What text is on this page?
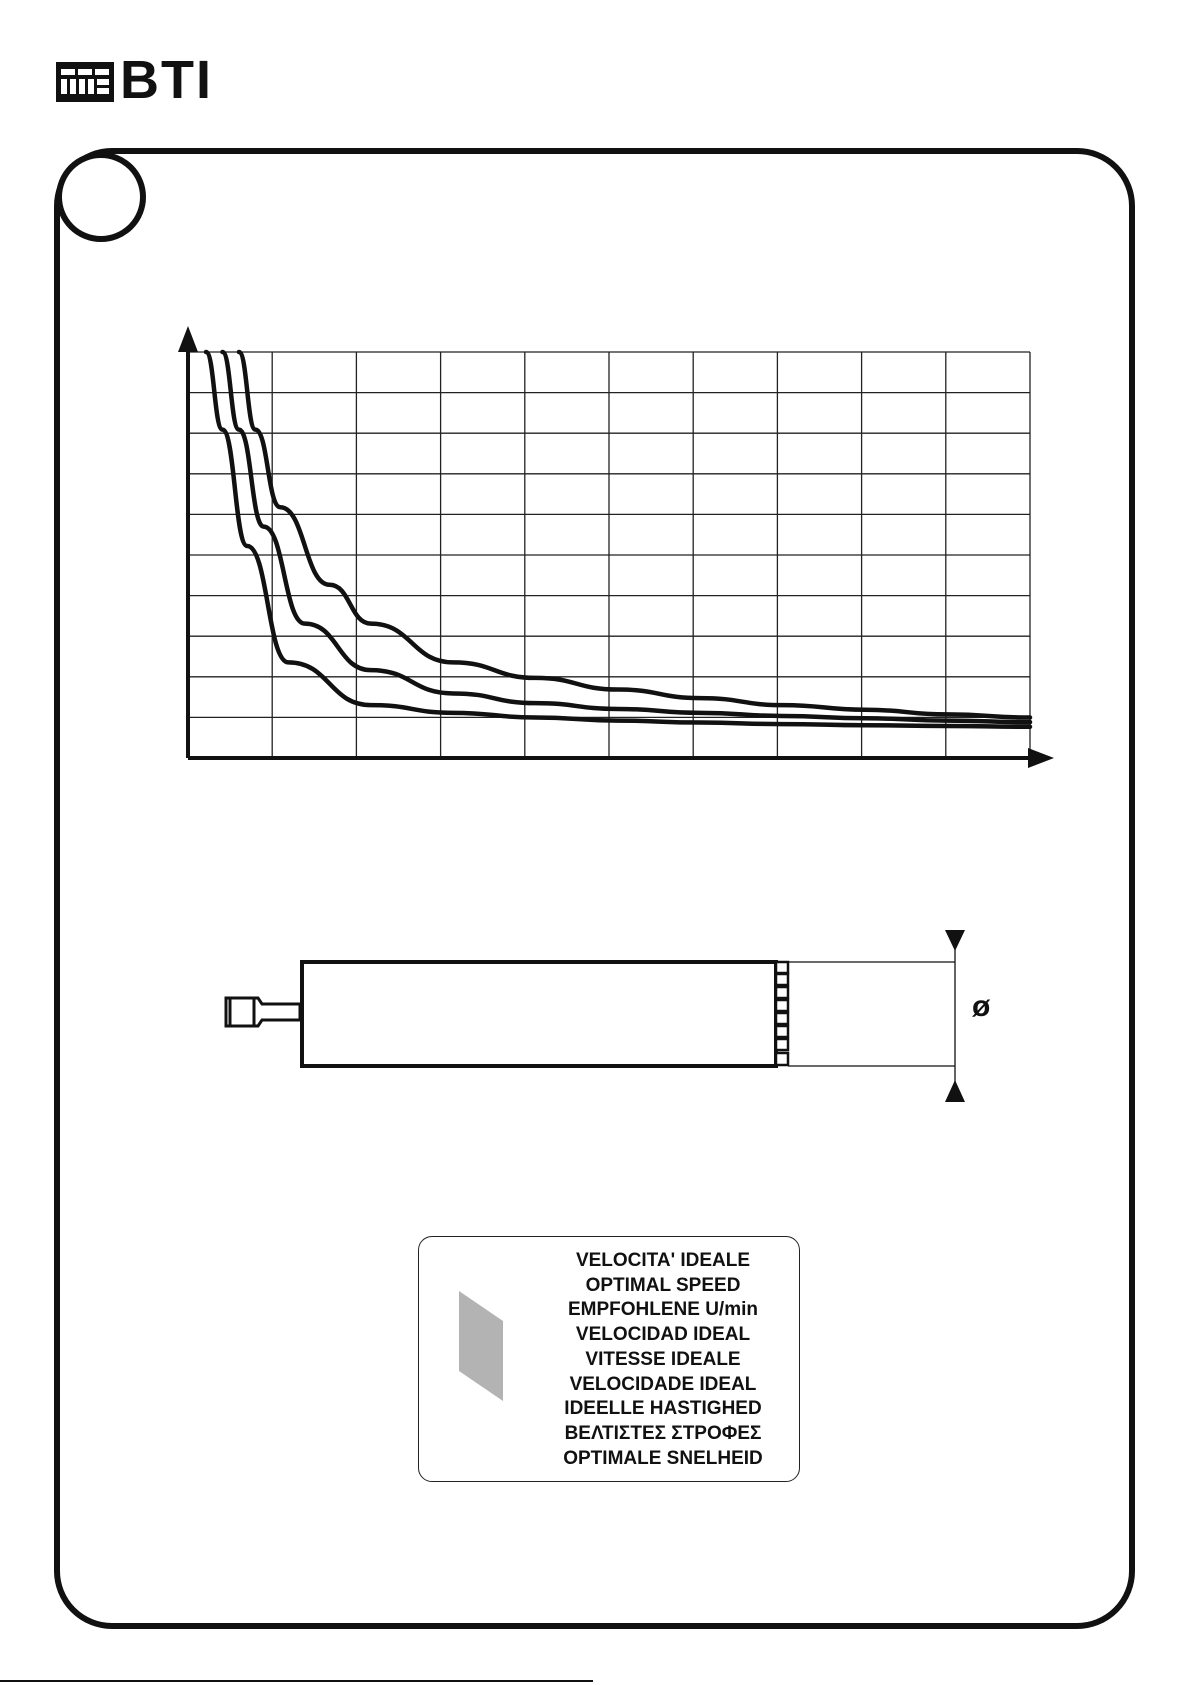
BTI
ø
VELOCITA' IDEALE
OPTIMAL SPEED
EMPFOHLENE U/min
VELOCIDAD IDEAL
VITESSE IDEALE
VELOCIDADE IDEAL
IDEELLE HASTIGHED
ΒΕΛΤΙΣΤΕΣ ΣΤΡΟΦΕΣ
OPTIMALE SNELHEID
